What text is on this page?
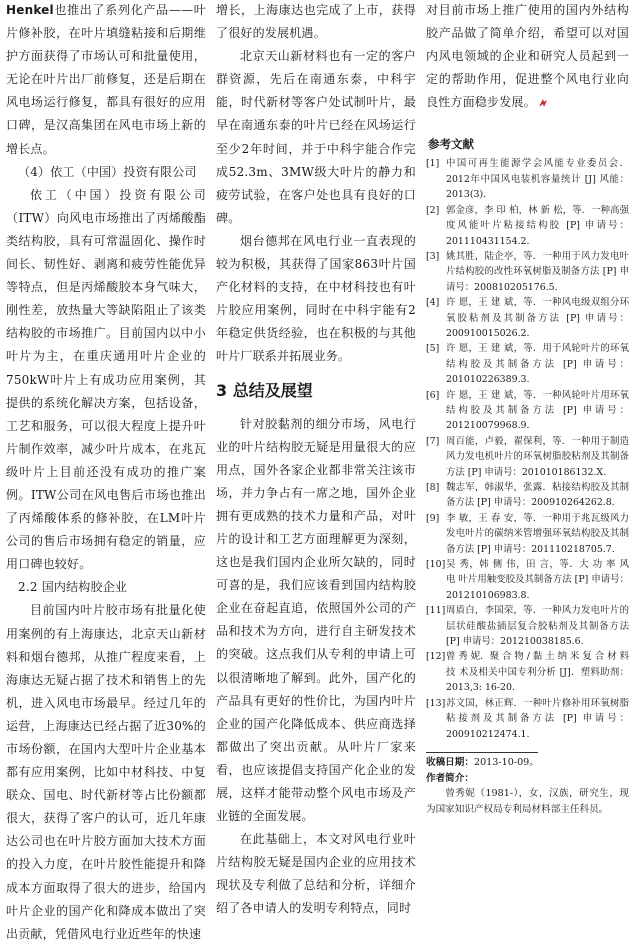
Henkel也推出了系列化产品——叶片修补胶，在叶片填缝粘接和后期维护方面获得了市场认可和批量使用，无论在叶片出厂前修复，还是后期在风电场运行修复，都具有很好的应用口碑，是汉高集团在风电市场上新的增长点。

（4）依工（中国）投资有限公司

依工（中国）投资有限公司（ITW）向风电市场推出了丙烯酸酯类结构胶，具有可常温固化、操作时间长、韧性好、剥离和疲劳性能优异等特点，但是丙烯酸胶本身气味大，刚性差，放热量大等缺陷阻止了该类结构胶的市场推广。目前国内以中小叶片为主，在重庆通用叶片企业的750kW叶片上有成功应用案例，其提供的系统化解决方案，包括设备，工艺和服务，可以很大程度上提升叶片制作效率，减少叶片成本，在兆瓦级叶片上目前还没有成功的推广案例。ITW公司在风电售后市场也推出了丙烯酸体系的修补胶，在LM叶片公司的售后市场拥有稳定的销量，应用口碑也较好。

2.2 国内结构胶企业

目前国内叶片胶市场有批量化使用案例的有上海康达，北京天山新材料和烟台德邦，从推广程度来看，上海康达无疑占据了技术和销售上的先机，进入风电市场最早。经过几年的运营，上海康达已经占据了近30%的市场份额，在国内大型叶片企业基本都有应用案例，比如中材科技、中复联众、国电、时代新材等占比份额都很大，获得了客户的认可，近几年康达公司也在叶片胶方面加大技术方面的投入力度，在叶片胶性能提升和降成本方面取得了很大的进步，给国内叶片企业的国产化和降成本做出了突出贡献，凭借风电行业近些年的快速

增长，上海康达也完成了上市，获得了很好的发展机遇。

北京天山新材料也有一定的客户群资源，先后在南通东泰，中科宇能，时代新材等客户处试制叶片，最早在南通东泰的叶片已经在风场运行至少2年时间，并于中科宇能合作完成52.3m、3MW级大叶片的静力和疲劳试验，在客户处也具有良好的口碑。

烟台德邦在风电行业一直表现的较为积极，其获得了国家863叶片国产化材料的支持，在中材科技也有叶片胶应用案例，同时在中科宇能有2年稳定供货经验，也在积极的与其他叶片厂联系并拓展业务。

3 总结及展望

针对胶黏剂的细分市场，风电行业的叶片结构胶无疑是用量很大的应用点，国外各家企业都非常关注该市场，并力争占有一席之地，国外企业拥有更成熟的技术力量和产品，对叶片的设计和工艺方面理解更为深刻，这也是我们国内企业所欠缺的，同时可喜的是，我们应该看到国内结构胶企业在奋起直追，依照国外公司的产品和技术为方向，进行自主研发技术的突破。这点我们从专利的申请上可以很清晰地了解到。此外，国产化的产品具有更好的性价比，为国内叶片企业的国产化降低成本、供应商选择都做出了突出贡献。从叶片厂家来看，也应该提倡支持国产化企业的发展，这样才能带动整个风电市场及产业链的全面发展。

在此基础上，本文对风电行业叶片结构胶无疑是国内企业的应用技术现状及专利做了总结和分析，详细介绍了各申请人的发明专利特点，同时

对目前市场上推广使用的国内外结构胶产品做了简单介绍，希望可以对国内风电领域的企业和研究人员起到一定的帮助作用，促进整个风电行业向良性方面稳步发展。

参考文献
[1] 中国可再生能源学会风能专业委员会．2012年中国风电装机容量统计 [J] 风能：2013(3).
[2] 郭金彦，李 印 柏，林 新 松，等．一种高强度风能叶片粘接结构胶 [P] 申请号：201110431154.2.
[3] 姚其胜，陆企亭，等．一种用于风力发电叶片结构胶的改性环氧树脂及制备方法 [P] 申请号：200810205176.5.
[4] 许 愿，王 建 斌，等．一种风电级双组分环氧胶粘剂及其制备方法 [P] 申请号：200910015026.2.
[5] 许 愿，王 建 斌，等．用于风轮叶片的环氧结构胶及其制备方法 [P] 申请号：201010226389.3.
[6] 许 愿，王 建 斌，等．一种风轮叶片用环氧结构胶及其制备方法 [P] 申请号：201210079968.9.
[7] 周百能，卢毅，翟保利，等．一种用于制造风力发电机叶片的环氧树脂胶粘剂及其制备方法 [P] 申请号：201010186132.X.
[8] 魏志军，韩淑华，张露．粘接结构胶及其制备方法 [P] 申请号：200910264262.8.
[9] 李 敏，王 春 安，等．一种用于兆瓦级风力发电叶片的碳纳米管增强环氧结构胶及其制备方法 [P] 申请号：201110218705.7.
[10] 吴 秀，韩 侧 伟，田 言，等．大 功 率 风 电 叶片用触变胶及其制备方法 [P] 申请号：201210106983.8.
[11] 周盾白，李国荣，等．一种风力发电叶片的层状硅酸盐插层复合胶粘剂及其制备方法 [P] 申请号：201210038185.6.
[12] 曾 秀 妮．聚 合 物 / 黏 土 纳 米 复 合 材 料 技 术及相关中国专利分析 [J]．塑料助剂：2013,3: 16-20.
[13] 苏文国，林正辉．一种叶片修补用环氧树脂粘接剂及其制备方法 [P] 申请号：200910212474.1.

收稿日期：2013-10-09。

作者简介：

曾秀妮（1981-），女，汉族，研究生，现为国家知识产权局专利局材料部主任科员。
